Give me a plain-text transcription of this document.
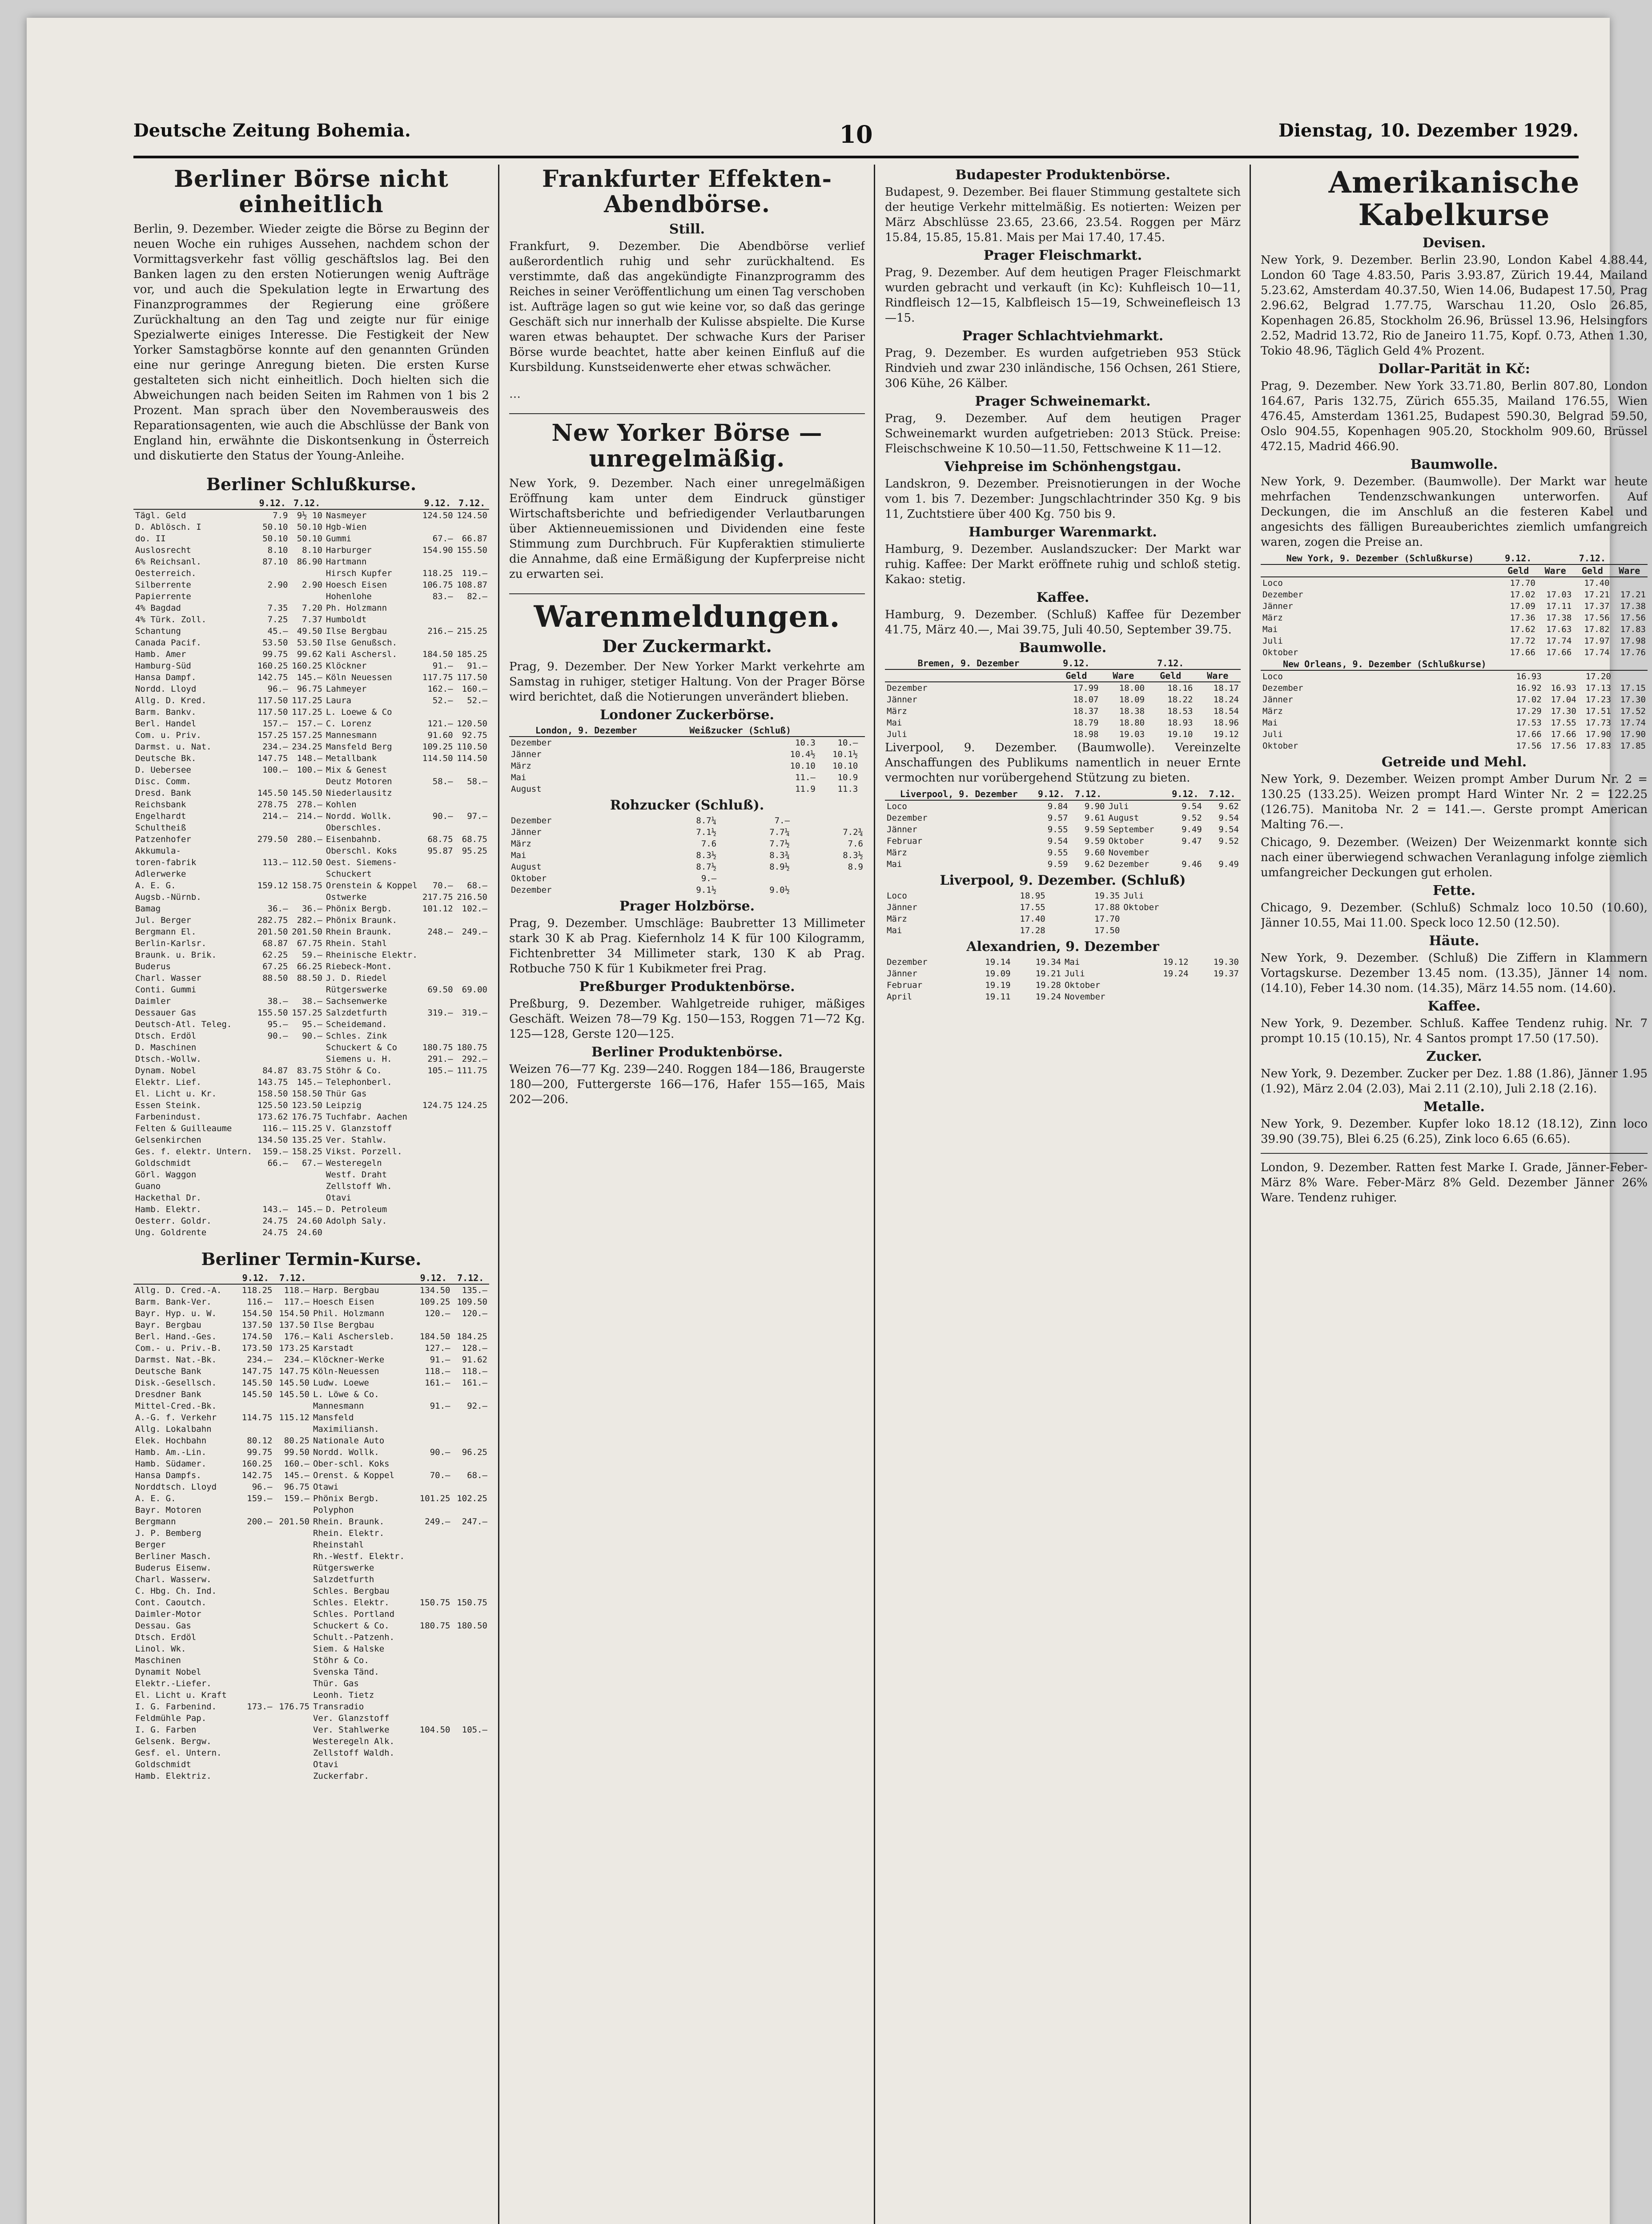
Deutsche Zeitung Bohemia.	10	Dienstag, 10. Dezember 1929.
Berliner Börse nicht einheitlich

Berlin, 9. Dezember. Wieder zeigte die Börse zu Beginn der neuen Woche ein ruhiges Aussehen, nachdem schon der Vormittagsverkehr fast völlig geschäftslos lag. Bei den Banken lagen zu den ersten Notierungen wenig Aufträge vor, und auch die Spekulation legte in Erwartung des Finanzprogrammes der Regierung eine größere Zurückhaltung an den Tag und zeigte nur für einige Spezialwerte einiges Interesse. Die Festigkeit der New Yorker Samstagbörse konnte auf den genannten Gründen eine nur geringe Anregung bieten. Die ersten Kurse gestalteten sich nicht einheitlich. Doch hielten sich die Abweichungen nach beiden Seiten im Rahmen von 1 bis 2 Prozent. Man sprach über den Novemberausweis des Reparationsagenten, wie auch die Abschlüsse der Bank von England hin, erwähnte die Diskontsenkung in Österreich und diskutierte den Status der Young-Anleihe.

Berliner Schlußkurse.
	9.12.	7.12.		9.12.	7.12.
Tägl. Geld	7.9	9½ 10	Nasmeyer	124.50	124.50
D. Ablösch. I	50.10	50.10	Hgb-Wien		
do. II	50.10	50.10	Gummi	67.–	66.87
Auslosrecht	8.10	8.10	Harburger	154.90	155.50
6% Reichsanl.	87.10	86.90	Hartmann		
Oesterreich.			Hirsch Kupfer	118.25	119.–
Silberrente	2.90	2.90	Hoesch Eisen	106.75	108.87
Papierrente			Hohenlohe	83.–	82.–
4% Bagdad	7.35	7.20	Ph. Holzmann		
4% Türk. Zoll.	7.25	7.37	Humboldt		
Schantung	45.–	49.50	Ilse Bergbau	216.–	215.25
Canada Pacif.	53.50	53.50	Ilse Genußsch.		
Hamb. Amer	99.75	99.62	Kali Aschersl.	184.50	185.25
Hamburg-Süd	160.25	160.25	Klöckner	91.–	91.–
Hansa Dampf.	142.75	145.–	Köln Neuessen	117.75	117.50
Nordd. Lloyd	96.–	96.75	Lahmeyer	162.–	160.–
Allg. D. Kred.	117.50	117.25	Laura	52.–	52.–
Barm. Bankv.	117.50	117.25	L. Loewe & Co		
Berl. Handel	157.–	157.–	C. Lorenz	121.–	120.50
Com. u. Priv.	157.25	157.25	Mannesmann	91.60	92.75
Darmst. u. Nat.	234.–	234.25	Mansfeld Berg	109.25	110.50
Deutsche Bk.	147.75	148.–	Metallbank	114.50	114.50
D. Uebersee	100.–	100.–	Mix & Genest		
Disc. Comm.			Deutz Motoren	58.–	58.–
Dresd. Bank	145.50	145.50	Niederlausitz		
Reichsbank	278.75	278.–	Kohlen		
Engelhardt	214.–	214.–	Nordd. Wollk.	90.–	97.–
Schultheiß			Oberschles.		
Patzenhofer	279.50	280.–	Eisenbahnb.	68.75	68.75
Akkumula-			Oberschl. Koks	95.87	95.25
toren-fabrik	113.–	112.50	Oest. Siemens-		
Adlerwerke			Schuckert		
A. E. G.	159.12	158.75	Orenstein & Koppel	70.–	68.–
Augsb.-Nürnb.			Ostwerke	217.75	216.50
Bamag	36.–	36.–	Phönix Bergb.	101.12	102.–
Jul. Berger	282.75	282.–	Phönix Braunk.		
Bergmann El.	201.50	201.50	Rhein Braunk.	248.–	249.–
Berlin-Karlsr.	68.87	67.75	Rhein. Stahl		
Braunk. u. Brik.	62.25	59.–	Rheinische Elektr.		
Buderus	67.25	66.25	Riebeck-Mont.		
Charl. Wasser	88.50	88.50	J. D. Riedel		
Conti. Gummi			Rütgerswerke	69.50	69.00
Daimler	38.–	38.–	Sachsenwerke		
Dessauer Gas	155.50	157.25	Salzdetfurth	319.–	319.–
Deutsch-Atl. Teleg.	95.–	95.–	Scheidemand.		
Dtsch. Erdöl	90.–	90.–	Schles. Zink		
D. Maschinen			Schuckert & Co	180.75	180.75
Dtsch.-Wollw.			Siemens u. H.	291.–	292.–
Dynam. Nobel	84.87	83.75	Stöhr & Co.	105.–	111.75
Elektr. Lief.	143.75	145.–	Telephonberl.		
El. Licht u. Kr.	158.50	158.50	Thür Gas		
Essen Steink.	125.50	123.50	Leipzig	124.75	124.25
Farbenindust.	173.62	176.75	Tuchfabr. Aachen		
Felten & Guilleaume	116.–	115.25	V. Glanzstoff		
Gelsenkirchen	134.50	135.25	Ver. Stahlw.		
Ges. f. elektr. Untern.	159.–	158.25	Vikst. Porzell.		
Goldschmidt	66.–	67.–	Westeregeln		
Görl. Waggon			Westf. Draht		
Guano			Zellstoff Wh.		
Hackethal Dr.			Otavi		
Hamb. Elektr.	143.–	145.–	D. Petroleum		
Oesterr. Goldr.	24.75	24.60	Adolph Saly.		
Ung. Goldrente	24.75	24.60			
Berliner Termin-Kurse.
	9.12.	7.12.		9.12.	7.12.
Allg. D. Cred.-A.	118.25	118.–	Harp. Bergbau	134.50	135.–
Barm. Bank-Ver.	116.–	117.–	Hoesch Eisen	109.25	109.50
Bayr. Hyp. u. W.	154.50	154.50	Phil. Holzmann	120.–	120.–
Bayr. Bergbau	137.50	137.50	Ilse Bergbau		
Berl. Hand.-Ges.	174.50	176.–	Kali Aschersleb.	184.50	184.25
Com.- u. Priv.-B.	173.50	173.25	Karstadt	127.–	128.–
Darmst. Nat.-Bk.	234.–	234.–	Klöckner-Werke	91.–	91.62
Deutsche Bank	147.75	147.75	Köln-Neuessen	118.–	118.–
Disk.-Gesellsch.	145.50	145.50	Ludw. Loewe	161.–	161.–
Dresdner Bank	145.50	145.50	L. Löwe & Co.		
Mittel-Cred.-Bk.			Mannesmann	91.–	92.–
A.-G. f. Verkehr	114.75	115.12	Mansfeld		
Allg. Lokalbahn			Maximiliansh.		
Elek. Hochbahn	80.12	80.25	Nationale Auto		
Hamb. Am.-Lin.	99.75	99.50	Nordd. Wollk.	90.–	96.25
Hamb. Südamer.	160.25	160.–	Ober-schl. Koks		
Hansa Dampfs.	142.75	145.–	Orenst. & Koppel	70.–	68.–
Norddtsch. Lloyd	96.–	96.75	Otawi		
A. E. G.	159.–	159.–	Phönix Bergb.	101.25	102.25
Bayr. Motoren			Polyphon		
Bergmann	200.–	201.50	Rhein. Braunk.	249.–	247.–
J. P. Bemberg			Rhein. Elektr.		
Berger			Rheinstahl		
Berliner Masch.			Rh.-Westf. Elektr.		
Buderus Eisenw.			Rütgerswerke		
Charl. Wasserw.			Salzdetfurth		
C. Hbg. Ch. Ind.			Schles. Bergbau		
Cont. Caoutch.			Schles. Elektr.	150.75	150.75
Daimler-Motor			Schles. Portland		
Dessau. Gas			Schuckert & Co.	180.75	180.50
Dtsch. Erdöl			Schult.-Patzenh.		
Linol. Wk.			Siem. & Halske		
Maschinen			Stöhr & Co.		
Dynamit Nobel			Svenska Tänd.		
Elektr.-Liefer.			Thür. Gas		
El. Licht u. Kraft			Leonh. Tietz		
I. G. Farbenind.	173.–	176.75	Transradio		
Feldmühle Pap.			Ver. Glanzstoff		
I. G. Farben			Ver. Stahlwerke	104.50	105.–
Gelsenk. Bergw.			Westeregeln Alk.		
Gesf. el. Untern.			Zellstoff Waldh.		
Goldschmidt			Otavi		
Hamb. Elektriz.			Zuckerfabr.		
Frankfurter Effekten-Abendbörse.
Still.

Frankfurt, 9. Dezember. Die Abendbörse verlief außerordentlich ruhig und sehr zurückhaltend. Es verstimmte, daß das angekündigte Finanzprogramm des Reiches in seiner Veröffentlichung um einen Tag verschoben ist. Aufträge lagen so gut wie keine vor, so daß das geringe Geschäft sich nur innerhalb der Kulisse abspielte. Die Kurse waren etwas behauptet. Der schwache Kurs der Pariser Börse wurde beachtet, hatte aber keinen Einfluß auf die Kursbildung. Kunstseidenwerte eher etwas schwächer.

…

New Yorker Börse — unregelmäßig.

New York, 9. Dezember. Nach einer unregelmäßigen Eröffnung kam unter dem Eindruck günstiger Wirtschaftsberichte und befriedigender Verlautbarungen über Aktienneuemissionen und Dividenden eine feste Stimmung zum Durchbruch. Für Kupferaktien stimulierte die Annahme, daß eine Ermäßigung der Kupferpreise nicht zu erwarten sei.

Warenmeldungen.
Der Zuckermarkt.

Prag, 9. Dezember. Der New Yorker Markt verkehrte am Samstag in ruhiger, stetiger Haltung. Von der Prager Börse wird berichtet, daß die Notierungen unverändert blieben.

Londoner Zuckerbörse.
London, 9. Dezember	Weißzucker (Schluß)		
Dezember	10.3	10.–	
Jänner	10.4½	10.1½	
März	10.10	10.10	
Mai	11.–	10.9	
August	11.9	11.3	
Rohzucker (Schluß).
Dezember	8.7¼	7.–	
Jänner	7.1½	7.7¼	7.2¾
März	7.6	7.7½	7.6
Mai	8.3½	8.3¾	8.3½
August	8.7½	8.9½	8.9
Oktober	9.–		
Dezember	9.1½	9.0½	
Prager Holzbörse.

Prag, 9. Dezember. Umschläge: Baubretter 13 Millimeter stark 30 K ab Prag. Kiefernholz 14 K für 100 Kilogramm, Fichtenbretter 34 Millimeter stark, 130 K ab Prag. Rotbuche 750 K für 1 Kubikmeter frei Prag.

Preßburger Produktenbörse.

Preßburg, 9. Dezember. Wahlgetreide ruhiger, mäßiges Geschäft. Weizen 78—79 Kg. 150—153, Roggen 71—72 Kg. 125—128, Gerste 120—125.

Berliner Produktenbörse.

Weizen 76—77 Kg. 239—240. Roggen 184—186, Braugerste 180—200, Futtergerste 166—176, Hafer 155—165, Mais 202—206.

Budapester Produktenbörse.

Budapest, 9. Dezember. Bei flauer Stimmung gestaltete sich der heutige Verkehr mittelmäßig. Es notierten: Weizen per März Abschlüsse 23.65, 23.66, 23.54. Roggen per März 15.84, 15.85, 15.81. Mais per Mai 17.40, 17.45.

Prager Fleischmarkt.

Prag, 9. Dezember. Auf dem heutigen Prager Fleischmarkt wurden gebracht und verkauft (in Kc): Kuhfleisch 10—11, Rindfleisch 12—15, Kalbfleisch 15—19, Schweinefleisch 13—15.

Prager Schlachtviehmarkt.

Prag, 9. Dezember. Es wurden aufgetrieben 953 Stück Rindvieh und zwar 230 inländische, 156 Ochsen, 261 Stiere, 306 Kühe, 26 Kälber.

Prager Schweinemarkt.

Prag, 9. Dezember. Auf dem heutigen Prager Schweinemarkt wurden aufgetrieben: 2013 Stück. Preise: Fleischschweine K 10.50—11.50, Fettschweine K 11—12.

Viehpreise im Schönhengstgau.

Landskron, 9. Dezember. Preisnotierungen in der Woche vom 1. bis 7. Dezember: Jungschlachtrinder 350 Kg. 9 bis 11, Zuchtstiere über 400 Kg. 750 bis 9.

Hamburger Warenmarkt.

Hamburg, 9. Dezember. Auslandszucker: Der Markt war ruhig. Kaffee: Der Markt eröffnete ruhig und schloß stetig. Kakao: stetig.

Kaffee.

Hamburg, 9. Dezember. (Schluß) Kaffee für Dezember 41.75, März 40.—, Mai 39.75, Juli 40.50, September 39.75.

Baumwolle.
Bremen, 9. Dezember	9.12.		7.12.	
	Geld	Ware	Geld	Ware
Dezember	17.99	18.00	18.16	18.17
Jänner	18.07	18.09	18.22	18.24
März	18.37	18.38	18.53	18.54
Mai	18.79	18.80	18.93	18.96
Juli	18.98	19.03	19.10	19.12

Liverpool, 9. Dezember. (Baumwolle). Vereinzelte Anschaffungen des Publikums namentlich in neuer Ernte vermochten nur vorübergehend Stützung zu bieten.

Liverpool, 9. Dezember	9.12.	7.12.		9.12.	7.12.
Loco	9.84	9.90	Juli	9.54	9.62
Dezember	9.57	9.61	August	9.52	9.54
Jänner	9.55	9.59	September	9.49	9.54
Februar	9.54	9.59	Oktober	9.47	9.52
März	9.55	9.60	November		
Mai	9.59	9.62	Dezember	9.46	9.49
Liverpool, 9. Dezember. (Schluß)
Loco	18.95	19.35	Juli		
Jänner	17.55	17.88	Oktober		
März	17.40	17.70			
Mai	17.28	17.50			
Alexandrien, 9. Dezember
Dezember	19.14	19.34	Mai	19.12	19.30
Jänner	19.09	19.21	Juli	19.24	19.37
Februar	19.19	19.28	Oktober		
April	19.11	19.24	November		
Amerikanische Kabelkurse
Devisen.

New York, 9. Dezember. Berlin 23.90, London Kabel 4.88.44, London 60 Tage 4.83.50, Paris 3.93.87, Zürich 19.44, Mailand 5.23.62, Amsterdam 40.37.50, Wien 14.06, Budapest 17.50, Prag 2.96.62, Belgrad 1.77.75, Warschau 11.20, Oslo 26.85, Kopenhagen 26.85, Stockholm 26.96, Brüssel 13.96, Helsingfors 2.52, Madrid 13.72, Rio de Janeiro 11.75, Kopf. 0.73, Athen 1.30, Tokio 48.96, Täglich Geld 4% Prozent.

Dollar-Parität in Kč:

Prag, 9. Dezember. New York 33.71.80, Berlin 807.80, London 164.67, Paris 132.75, Zürich 655.35, Mailand 176.55, Wien 476.45, Amsterdam 1361.25, Budapest 590.30, Belgrad 59.50, Oslo 904.55, Kopenhagen 905.20, Stockholm 909.60, Brüssel 472.15, Madrid 466.90.

Baumwolle.

New York, 9. Dezember. (Baumwolle). Der Markt war heute mehrfachen Tendenzschwankungen unterworfen. Auf Deckungen, die im Anschluß an die festeren Kabel und angesichts des fälligen Bureauberichtes ziemlich umfangreich waren, zogen die Preise an.

New York, 9. Dezember (Schlußkurse)	9.12.		7.12.	
	Geld	Ware	Geld	Ware
Loco	17.70		17.40	
Dezember	17.02	17.03	17.21	17.21
Jänner	17.09	17.11	17.37	17.38
März	17.36	17.38	17.56	17.56
Mai	17.62	17.63	17.82	17.83
Juli	17.72	17.74	17.97	17.98
Oktober	17.66	17.66	17.74	17.76
New Orleans, 9. Dezember (Schlußkurse)				
Loco	16.93		17.20	
Dezember	16.92	16.93	17.13	17.15
Jänner	17.02	17.04	17.23	17.30
März	17.29	17.30	17.51	17.52
Mai	17.53	17.55	17.73	17.74
Juli	17.66	17.66	17.90	17.90
Oktober	17.56	17.56	17.83	17.85
Getreide und Mehl.

New York, 9. Dezember. Weizen prompt Amber Durum Nr. 2 = 130.25 (133.25). Weizen prompt Hard Winter Nr. 2 = 122.25 (126.75). Manitoba Nr. 2 = 141.—. Gerste prompt American Malting 76.—.

Chicago, 9. Dezember. (Weizen) Der Weizenmarkt konnte sich nach einer überwiegend schwachen Veranlagung infolge ziemlich umfangreicher Deckungen gut erholen.

Fette.

Chicago, 9. Dezember. (Schluß) Schmalz loco 10.50 (10.60), Jänner 10.55, Mai 11.00. Speck loco 12.50 (12.50).

Häute.

New York, 9. Dezember. (Schluß) Die Ziffern in Klammern Vortagskurse. Dezember 13.45 nom. (13.35), Jänner 14 nom. (14.10), Feber 14.30 nom. (14.35), März 14.55 nom. (14.60).

Kaffee.

New York, 9. Dezember. Schluß. Kaffee Tendenz ruhig. Nr. 7 prompt 10.15 (10.15), Nr. 4 Santos prompt 17.50 (17.50).

Zucker.

New York, 9. Dezember. Zucker per Dez. 1.88 (1.86), Jänner 1.95 (1.92), März 2.04 (2.03), Mai 2.11 (2.10), Juli 2.18 (2.16).

Metalle.

New York, 9. Dezember. Kupfer loko 18.12 (18.12), Zinn loco 39.90 (39.75), Blei 6.25 (6.25), Zink loco 6.65 (6.65).

London, 9. Dezember. Ratten fest Marke I. Grade, Jänner-Feber-März 8% Ware. Feber-März 8% Geld. Dezember Jänner 26% Ware. Tendenz ruhiger.
